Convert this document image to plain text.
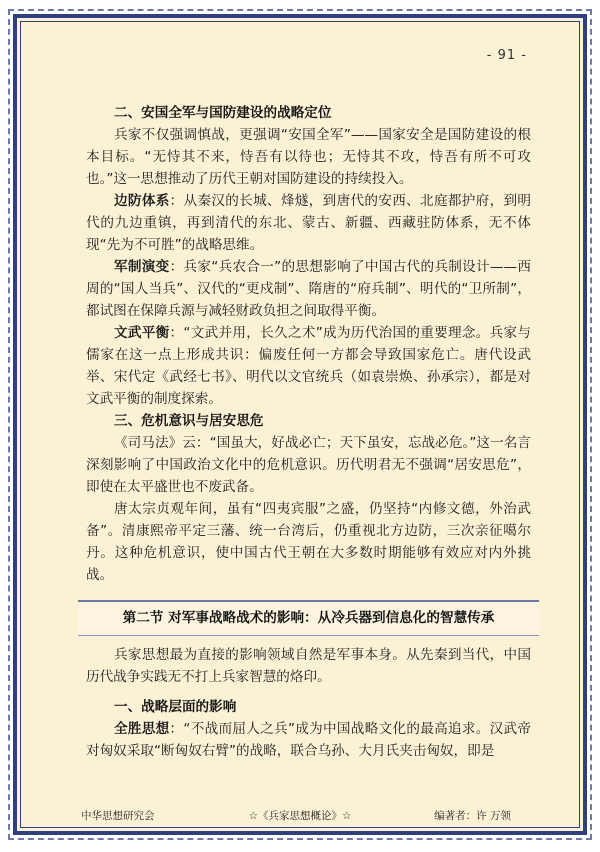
- 91 -

二、安国全军与国防建设的战略定位

兵家不仅强调慎战，更强调“安国全军”——国家安全是国防建设的根本目标。“无恃其不来，恃吾有以待也；无恃其不攻，恃吾有所不可攻也。”这一思想推动了历代王朝对国防建设的持续投入。

边防体系：从秦汉的长城、烽燧，到唐代的安西、北庭都护府，到明代的九边重镇，再到清代的东北、蒙古、新疆、西藏驻防体系，无不体现“先为不可胜”的战略思维。

军制演变：兵家“兵农合一”的思想影响了中国古代的兵制设计——西周的“国人当兵”、汉代的“更戍制”、隋唐的“府兵制”、明代的“卫所制”，都试图在保障兵源与减轻财政负担之间取得平衡。

文武平衡：“文武并用，长久之术”成为历代治国的重要理念。兵家与儒家在这一点上形成共识：偏废任何一方都会导致国家危亡。唐代设武举、宋代定《武经七书》、明代以文官统兵（如袁崇焕、孙承宗），都是对文武平衡的制度探索。

三、危机意识与居安思危

《司马法》云：“国虽大，好战必亡；天下虽安，忘战必危。”这一名言深刻影响了中国政治文化中的危机意识。历代明君无不强调“居安思危”，即使在太平盛世也不废武备。

唐太宗贞观年间，虽有“四夷宾服”之盛，仍坚持“内修文德，外治武备”。清康熙帝平定三藩、统一台湾后，仍重视北方边防，三次亲征噶尔丹。这种危机意识，使中国古代王朝在大多数时期能够有效应对内外挑战。

第二节 对军事战略战术的影响：从冷兵器到信息化的智慧传承

兵家思想最为直接的影响领域自然是军事本身。从先秦到当代，中国历代战争实践无不打上兵家智慧的烙印。

一、战略层面的影响

全胜思想：“不战而屈人之兵”成为中国战略文化的最高追求。汉武帝对匈奴采取“断匈奴右臂”的战略，联合乌孙、大月氏夹击匈奴，即是

中华思想研究会	☆《兵家思想概论》☆	编著者：许 万领
